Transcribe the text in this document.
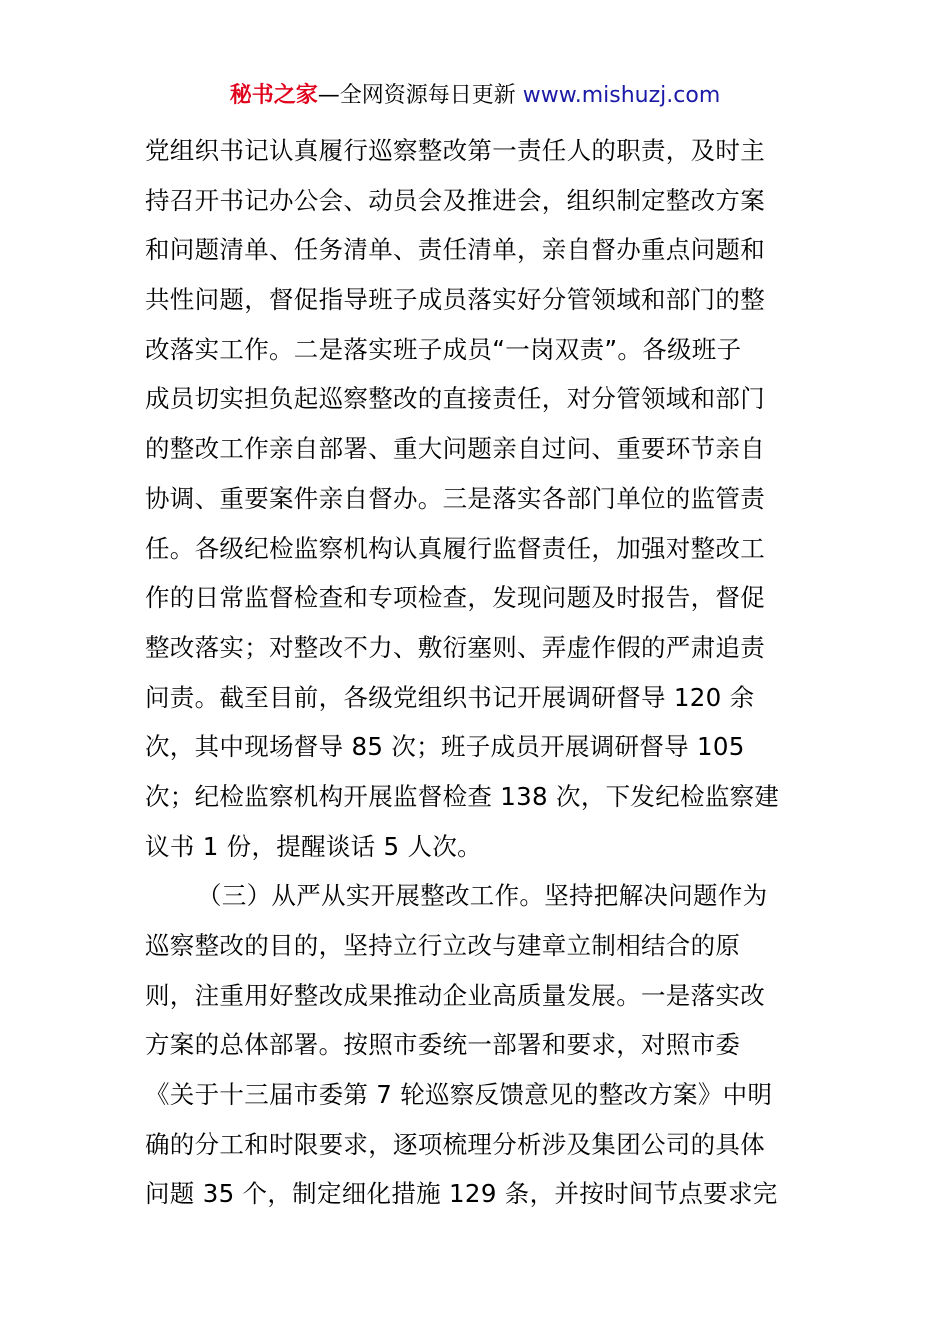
秘书之家—全网资源每日更新 www.mishuzj.com
党组织书记认真履行巡察整改第一责任人的职责，及时主
持召开书记办公会、动员会及推进会，组织制定整改方案
和问题清单、任务清单、责任清单，亲自督办重点问题和
共性问题，督促指导班子成员落实好分管领域和部门的整
改落实工作。二是落实班子成员“一岗双责”。各级班子
成员切实担负起巡察整改的直接责任，对分管领域和部门
的整改工作亲自部署、重大问题亲自过问、重要环节亲自
协调、重要案件亲自督办。三是落实各部门单位的监管责
任。各级纪检监察机构认真履行监督责任，加强对整改工
作的日常监督检查和专项检查，发现问题及时报告，督促
整改落实；对整改不力、敷衍塞则、弄虚作假的严肃追责
问责。截至目前，各级党组织书记开展调研督导 120 余
次，其中现场督导 85 次；班子成员开展调研督导 105
次；纪检监察机构开展监督检查 138 次，下发纪检监察建
议书 1 份，提醒谈话 5 人次。
（三）从严从实开展整改工作。坚持把解决问题作为
巡察整改的目的，坚持立行立改与建章立制相结合的原
则，注重用好整改成果推动企业高质量发展。一是落实改
方案的总体部署。按照市委统一部署和要求，对照市委
《关于十三届市委第 7 轮巡察反馈意见的整改方案》中明
确的分工和时限要求，逐项梳理分析涉及集团公司的具体
问题 35 个，制定细化措施 129 条，并按时间节点要求完
